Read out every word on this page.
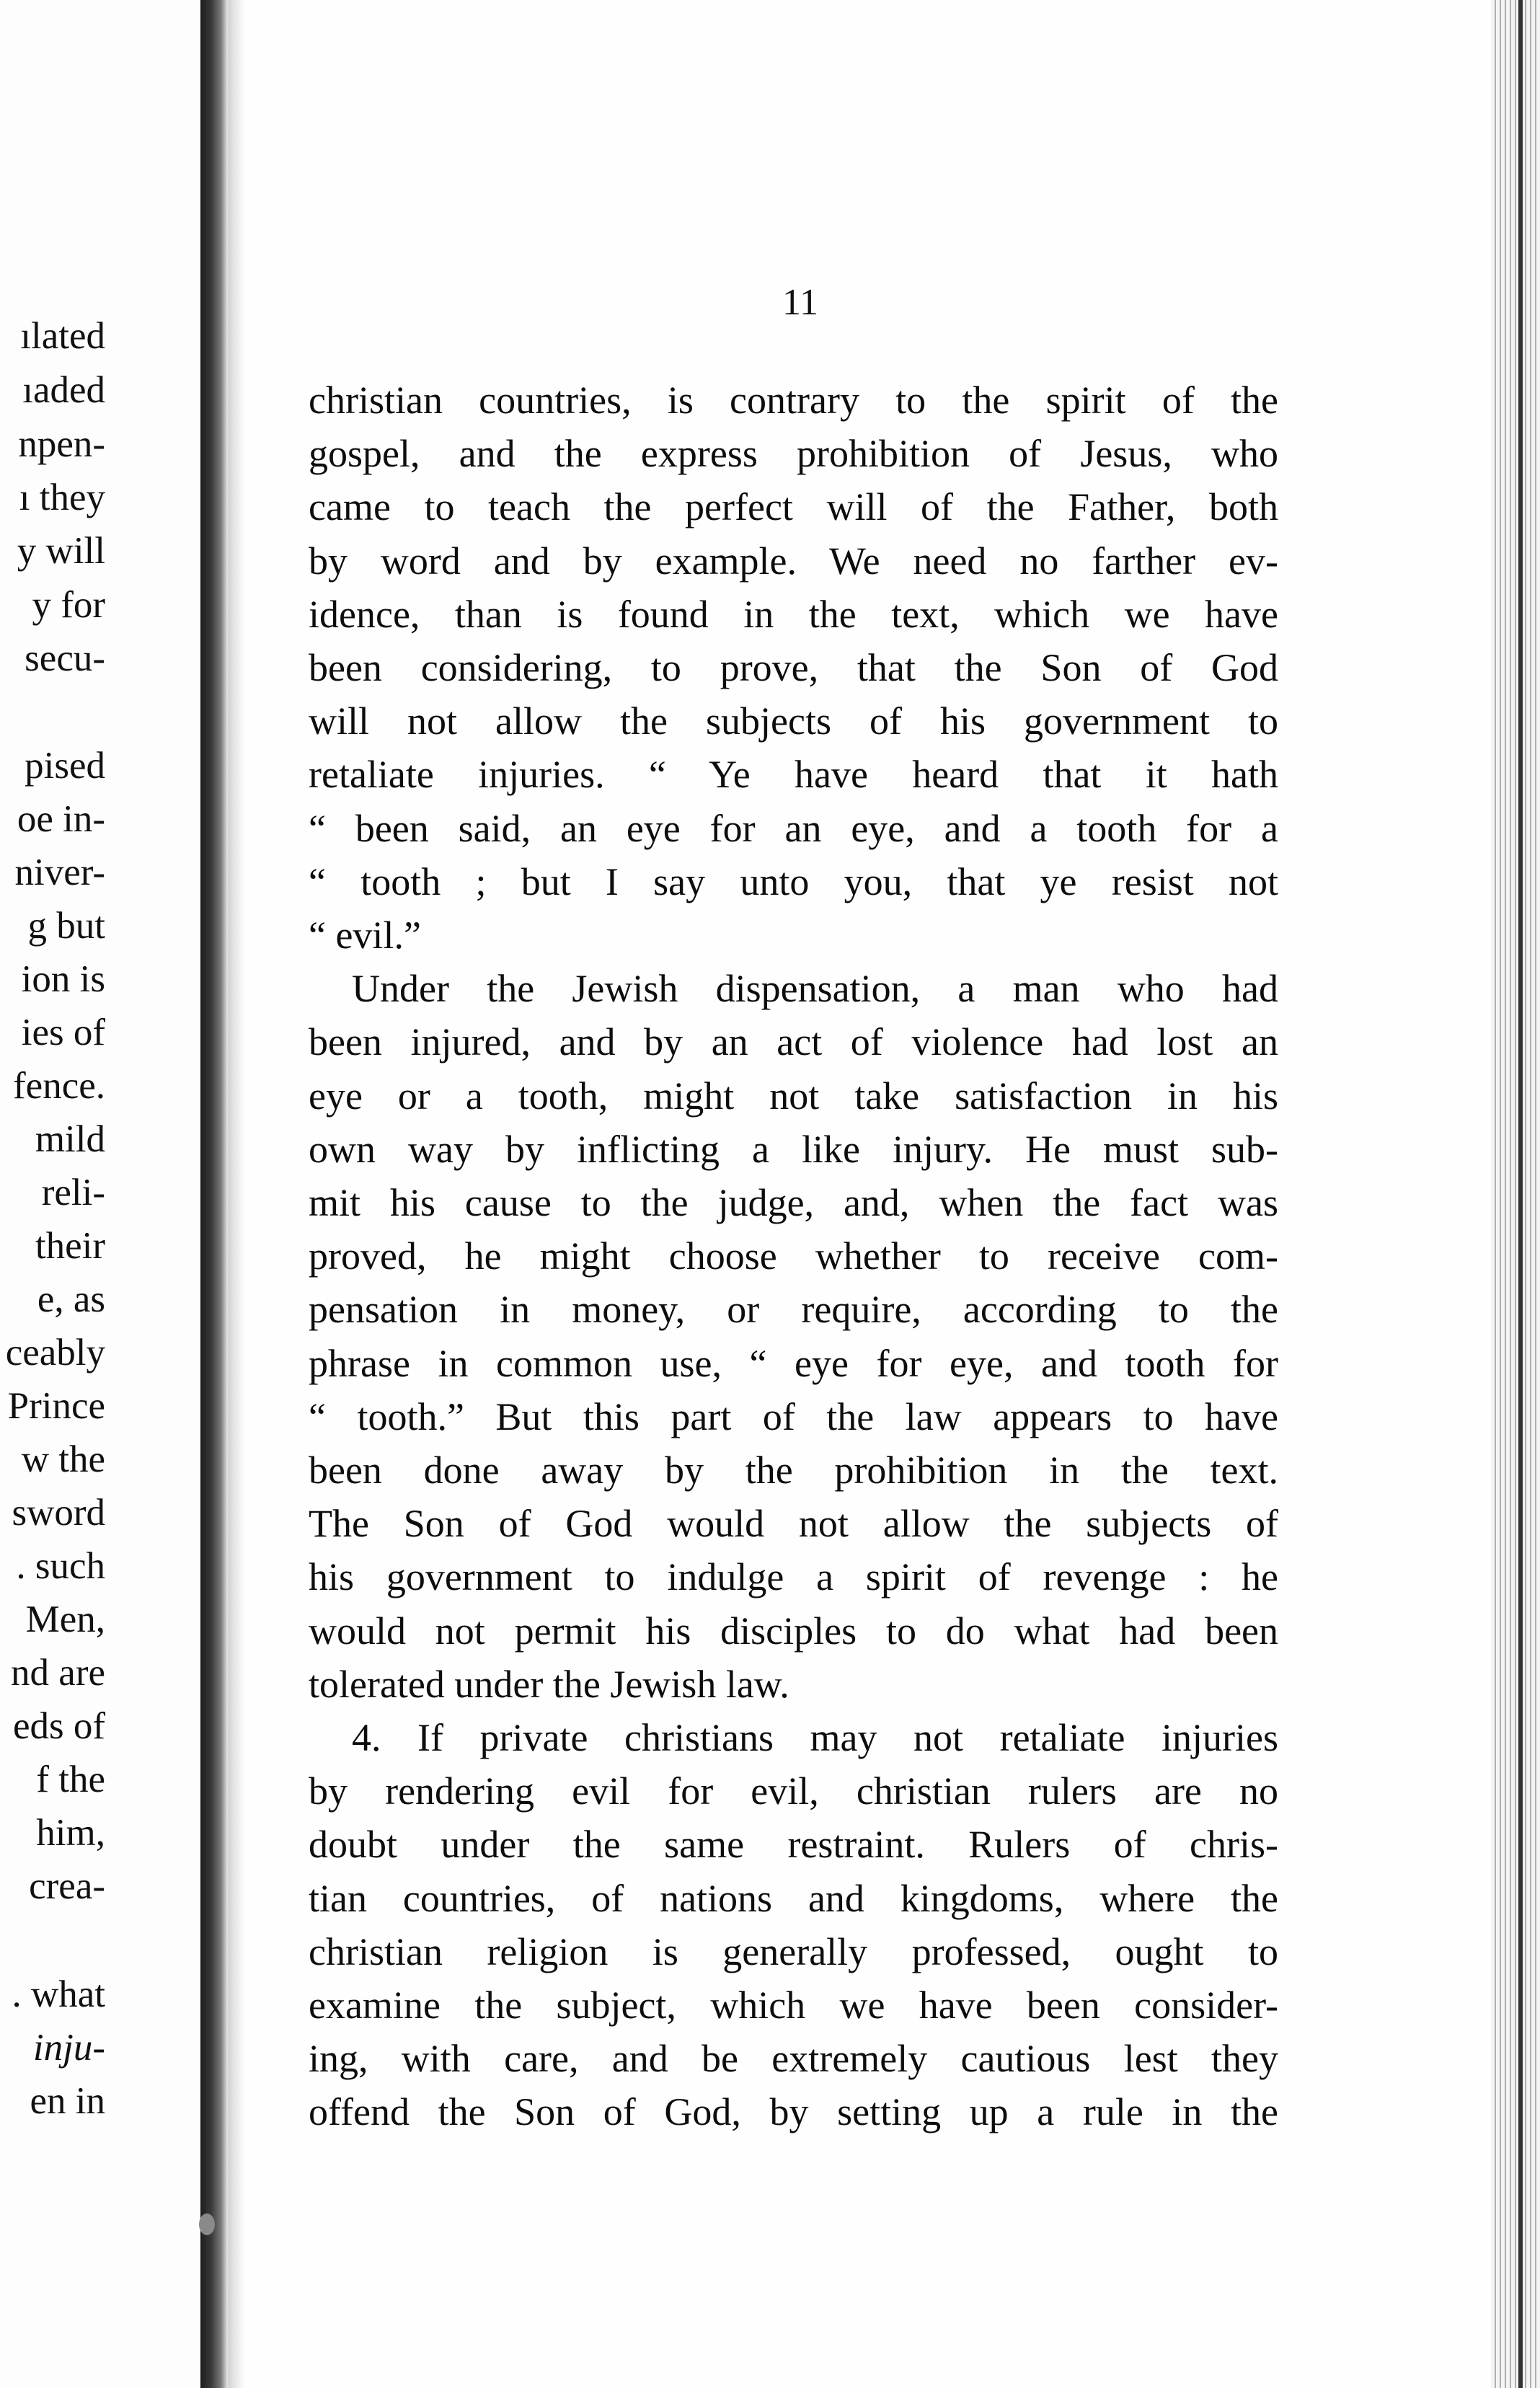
ılated
ıaded
npen-
ı they
y will
y for
secu-
pised
oe in-
niver-
g but
ion is
ies of
fence.
mild
reli-
their
e, as
ceably
Prince
w the
sword
. such
Men,
nd are
eds of
f the
him,
crea-
. what
inju-
en in
11
christian countries, is contrary to the spirit of the
gospel, and the express prohibition of Jesus, who
came to teach the perfect will of the Father, both
by word and by example. We need no farther ev-
idence, than is found in the text, which we have
been considering, to prove, that the Son of God
will not allow the subjects of his government to
retaliate injuries. “ Ye have heard that it hath
“ been said, an eye for an eye, and a tooth for a
“ tooth ; but I say unto you, that ye resist not
“ evil.”
Under the Jewish dispensation, a man who had
been injured, and by an act of violence had lost an
eye or a tooth, might not take satisfaction in his
own way by inflicting a like injury. He must sub-
mit his cause to the judge, and, when the fact was
proved, he might choose whether to receive com-
pensation in money, or require, according to the
phrase in common use, “ eye for eye, and tooth for
“ tooth.” But this part of the law appears to have
been done away by the prohibition in the text.
The Son of God would not allow the subjects of
his government to indulge a spirit of revenge : he
would not permit his disciples to do what had been
tolerated under the Jewish law.
4. If private christians may not retaliate injuries
by rendering evil for evil, christian rulers are no
doubt under the same restraint. Rulers of chris-
tian countries, of nations and kingdoms, where the
christian religion is generally professed, ought to
examine the subject, which we have been consider-
ing, with care, and be extremely cautious lest they
offend the Son of God, by setting up a rule in the
